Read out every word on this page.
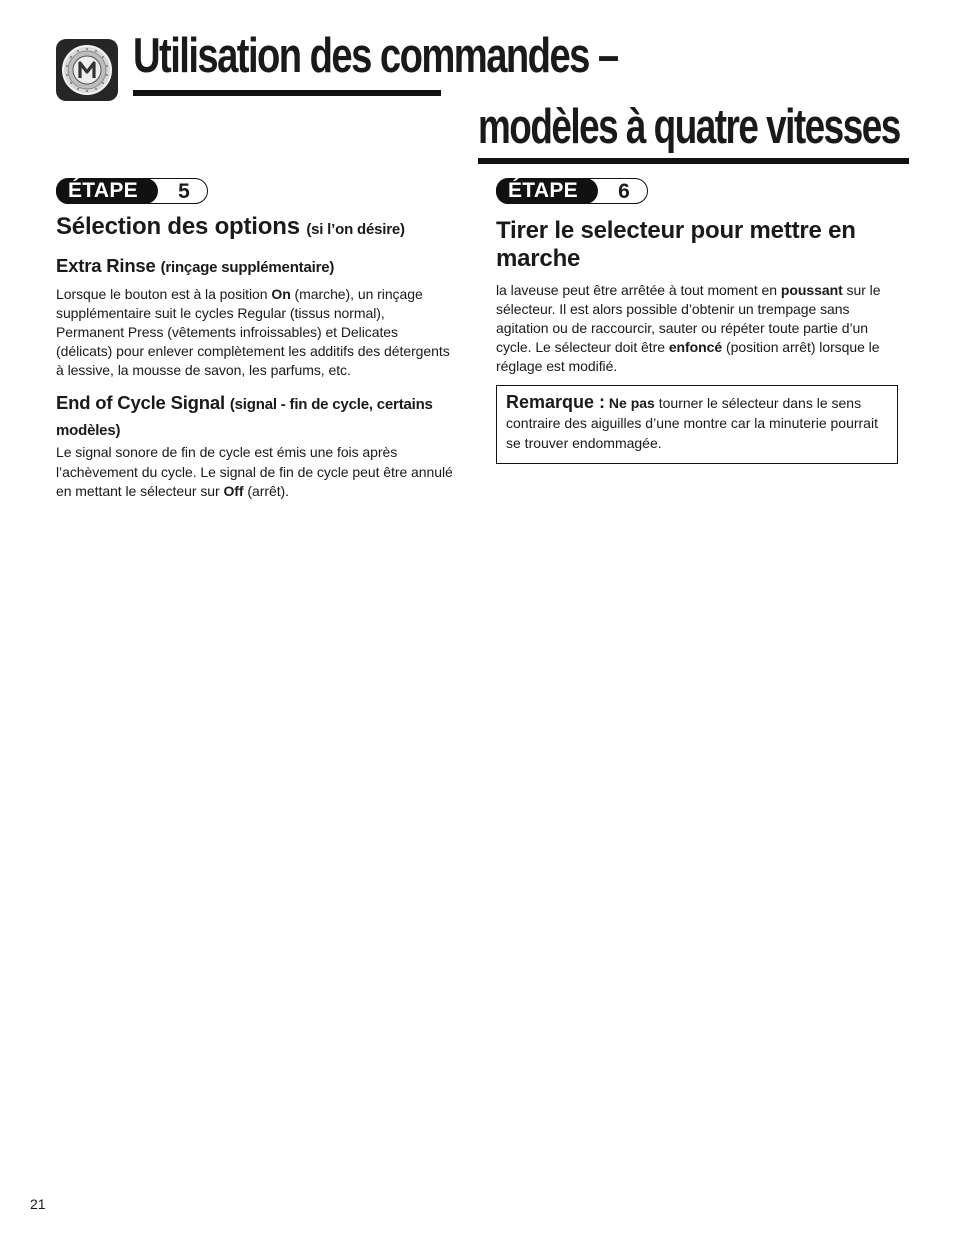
Utilisation des commandes –
modèles à quatre vitesses
ÉTAPE	5
Sélection des options (si l’on désire)
Extra Rinse (rinçage supplémentaire)

Lorsque le bouton est à la position On (marche), un rinçage supplémentaire suit le cycles Regular (tissus normal), Permanent Press (vêtements infroissables) et Delicates (délicats) pour enlever complètement les additifs des détergents à lessive, la mousse de savon, les parfums, etc.

End of Cycle Signal (signal - fin de cycle, certains modèles)

Le signal sonore de fin de cycle est émis une fois après l’achèvement du cycle. Le signal de fin de cycle peut être annulé en mettant le sélecteur sur Off (arrêt).

ÉTAPE	6
Tirer le selecteur pour mettre en marche

la laveuse peut être arrêtée à tout moment en poussant sur le sélecteur. Il est alors possible d’obtenir un trempage sans agitation ou de raccourcir, sauter ou répéter toute partie d’un cycle. Le sélecteur doit être enfoncé (position arrêt) lorsque le réglage est modifié.

Remarque : Ne pas tourner le sélecteur dans le sens contraire des aiguilles d’une montre car la minuterie pourrait se trouver endommagée.
21
